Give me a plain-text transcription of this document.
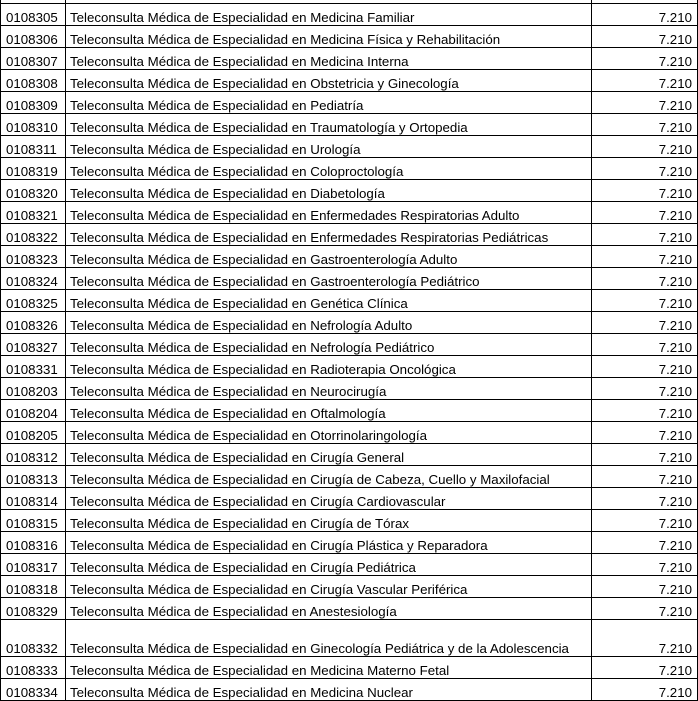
0108305	Teleconsulta Médica de Especialidad en Medicina Familiar	7.210
0108306	Teleconsulta Médica de Especialidad en Medicina Física y Rehabilitación	7.210
0108307	Teleconsulta Médica de Especialidad en Medicina Interna	7.210
0108308	Teleconsulta Médica de Especialidad en Obstetricia y Ginecología	7.210
0108309	Teleconsulta Médica de Especialidad en Pediatría	7.210
0108310	Teleconsulta Médica de Especialidad en Traumatología y Ortopedia	7.210
0108311	Teleconsulta Médica de Especialidad en Urología	7.210
0108319	Teleconsulta Médica de Especialidad en Coloproctología	7.210
0108320	Teleconsulta Médica de Especialidad en Diabetología	7.210
0108321	Teleconsulta Médica de Especialidad en Enfermedades Respiratorias Adulto	7.210
0108322	Teleconsulta Médica de Especialidad en Enfermedades Respiratorias Pediátricas	7.210
0108323	Teleconsulta Médica de Especialidad en Gastroenterología Adulto	7.210
0108324	Teleconsulta Médica de Especialidad en Gastroenterología Pediátrico	7.210
0108325	Teleconsulta Médica de Especialidad en Genética Clínica	7.210
0108326	Teleconsulta Médica de Especialidad en Nefrología Adulto	7.210
0108327	Teleconsulta Médica de Especialidad en Nefrología Pediátrico	7.210
0108331	Teleconsulta Médica de Especialidad en Radioterapia Oncológica	7.210
0108203	Teleconsulta Médica de Especialidad en Neurocirugía	7.210
0108204	Teleconsulta Médica de Especialidad en Oftalmología	7.210
0108205	Teleconsulta Médica de Especialidad en Otorrinolaringología	7.210
0108312	Teleconsulta Médica de Especialidad en Cirugía General	7.210
0108313	Teleconsulta Médica de Especialidad en Cirugía de Cabeza, Cuello y Maxilofacial	7.210
0108314	Teleconsulta Médica de Especialidad en Cirugía Cardiovascular	7.210
0108315	Teleconsulta Médica de Especialidad en Cirugía de Tórax	7.210
0108316	Teleconsulta Médica de Especialidad en Cirugía Plástica y Reparadora	7.210
0108317	Teleconsulta Médica de Especialidad en Cirugía Pediátrica	7.210
0108318	Teleconsulta Médica de Especialidad en Cirugía Vascular Periférica	7.210
0108329	Teleconsulta Médica de Especialidad en Anestesiología	7.210
0108332	Teleconsulta Médica de Especialidad en Ginecología Pediátrica y de la Adolescencia	7.210
0108333	Teleconsulta Médica de Especialidad en Medicina Materno Fetal	7.210
0108334	Teleconsulta Médica de Especialidad en Medicina Nuclear	7.210
